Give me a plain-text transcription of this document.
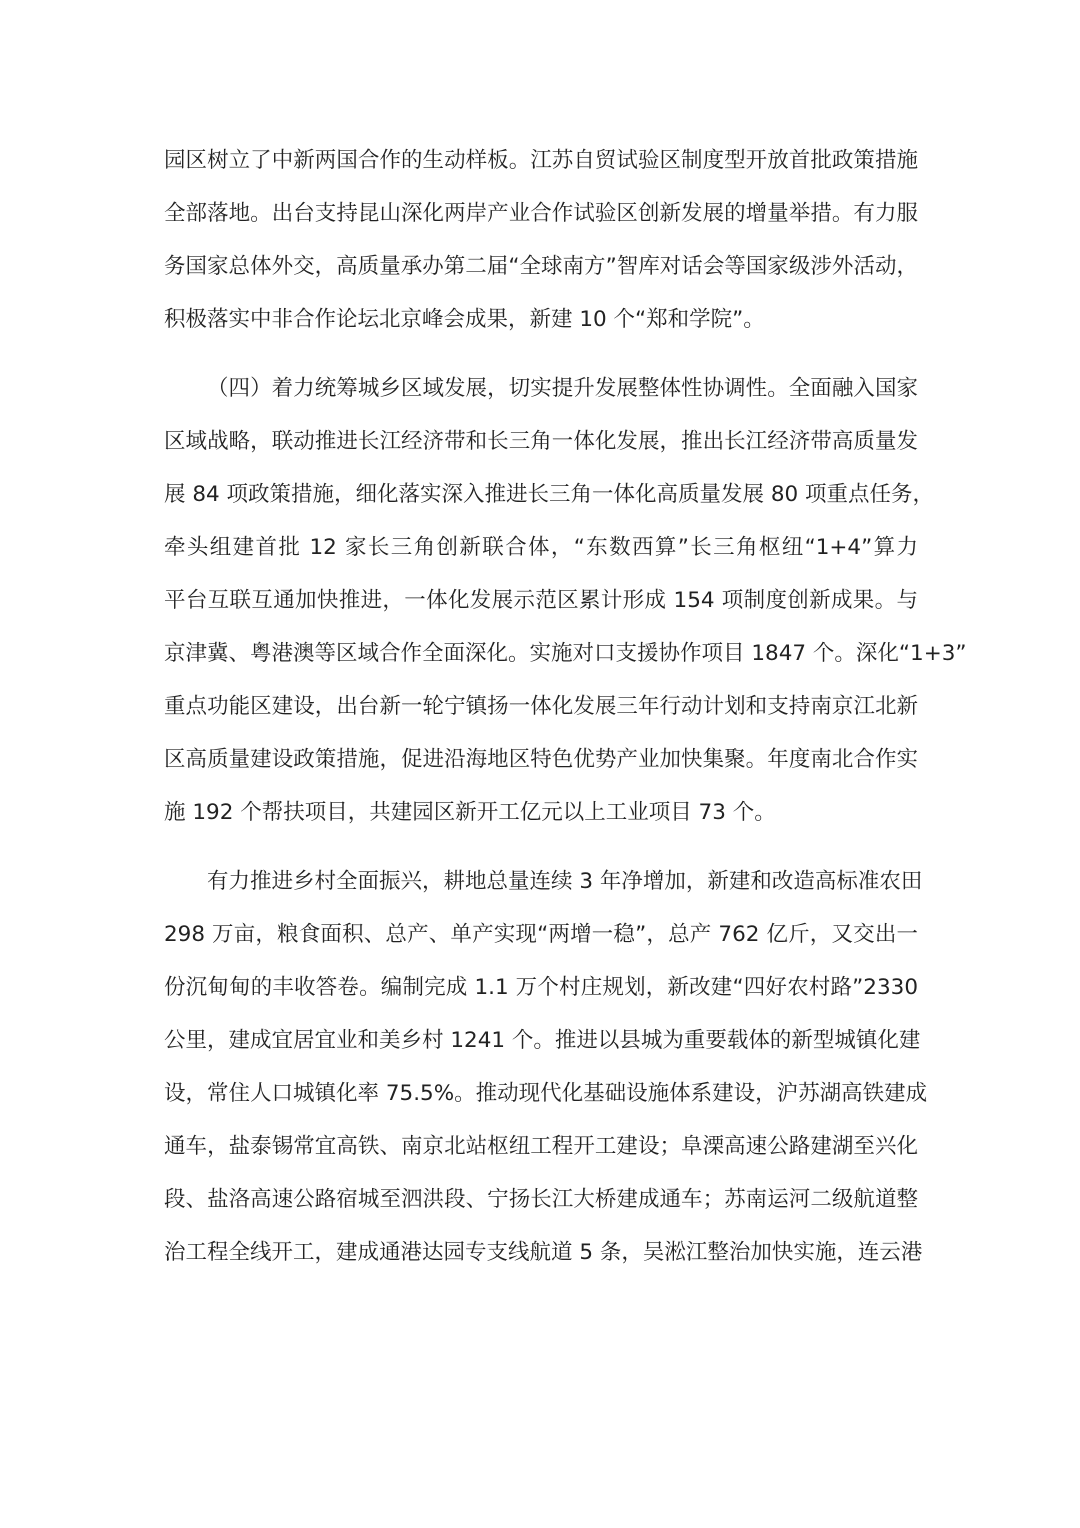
园区树立了中新两国合作的生动样板。江苏自贸试验区制度型开放首批政策措施
全部落地。出台支持昆山深化两岸产业合作试验区创新发展的增量举措。有力服
务国家总体外交，高质量承办第二届“全球南方”智库对话会等国家级涉外活动，
积极落实中非合作论坛北京峰会成果，新建 10 个“郑和学院”。
（四）着力统筹城乡区域发展，切实提升发展整体性协调性。全面融入国家
区域战略，联动推进长江经济带和长三角一体化发展，推出长江经济带高质量发
展 84 项政策措施，细化落实深入推进长三角一体化高质量发展 80 项重点任务，
牵头组建首批 12 家长三角创新联合体，“东数西算”长三角枢纽“1+4”算力
平台互联互通加快推进，一体化发展示范区累计形成 154 项制度创新成果。与
京津冀、粤港澳等区域合作全面深化。实施对口支援协作项目 1847 个。深化“1+3”
重点功能区建设，出台新一轮宁镇扬一体化发展三年行动计划和支持南京江北新
区高质量建设政策措施，促进沿海地区特色优势产业加快集聚。年度南北合作实
施 192 个帮扶项目，共建园区新开工亿元以上工业项目 73 个。
有力推进乡村全面振兴，耕地总量连续 3 年净增加，新建和改造高标准农田
298 万亩，粮食面积、总产、单产实现“两增一稳”，总产 762 亿斤，又交出一
份沉甸甸的丰收答卷。编制完成 1.1 万个村庄规划，新改建“四好农村路”2330
公里，建成宜居宜业和美乡村 1241 个。推进以县城为重要载体的新型城镇化建
设，常住人口城镇化率 75.5%。推动现代化基础设施体系建设，沪苏湖高铁建成
通车，盐泰锡常宜高铁、南京北站枢纽工程开工建设；阜溧高速公路建湖至兴化
段、盐洛高速公路宿城至泗洪段、宁扬长江大桥建成通车；苏南运河二级航道整
治工程全线开工，建成通港达园专支线航道 5 条，吴淞江整治加快实施，连云港
